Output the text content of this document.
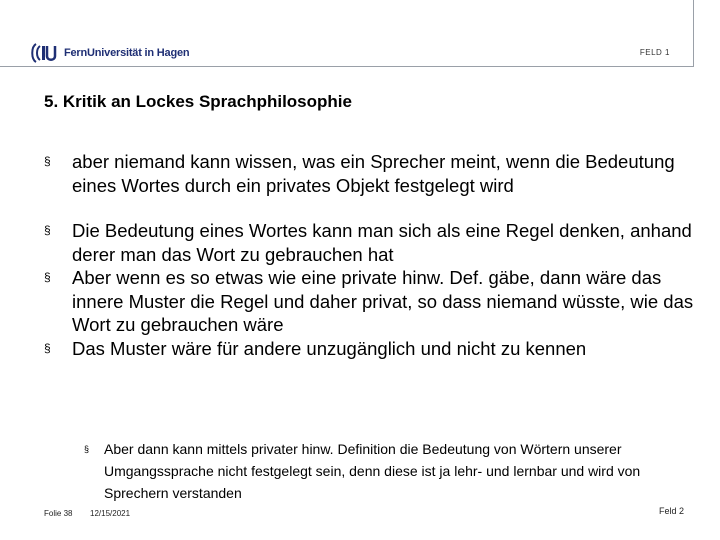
FernUniversität in Hagen	FELD 1
5. Kritik an Lockes Sprachphilosophie
§ aber niemand kann wissen, was ein Sprecher meint, wenn die Bedeutung eines Wortes durch ein privates Objekt festgelegt wird
§ Die Bedeutung eines Wortes kann man sich als eine Regel denken, anhand derer man das Wort zu gebrauchen hat
§ Aber wenn es so etwas wie eine private hinw. Def. gäbe, dann wäre das innere Muster die Regel und daher privat, so dass niemand wüsste, wie das Wort zu gebrauchen wäre
§ Das Muster wäre für andere unzugänglich und nicht zu kennen
§ Aber dann kann mittels privater hinw. Definition die Bedeutung von Wörtern unserer Umgangssprache nicht festgelegt sein, denn diese ist ja lehr- und lernbar und wird von Sprechern verstanden
Folie 38 12/15/2021	Feld 2
